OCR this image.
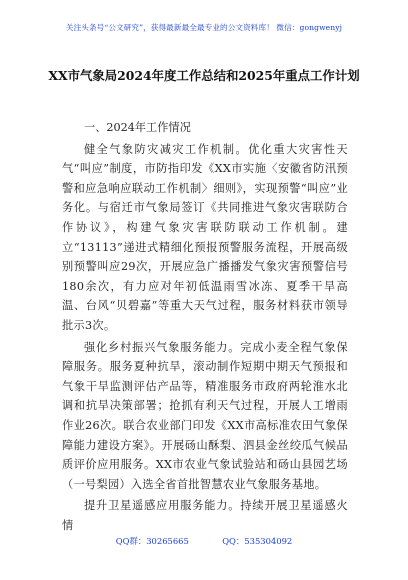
关注头条号“公文研究”，获得最新最全最专业的公文资料库！ 微信：gongwenyj
XX市气象局2024年度工作总结和2025年重点工作计划
一、2024年工作情况

健全气象防灾减灾工作机制。优化重大灾害性天气“叫应”制度，市防指印发《XX市实施〈安徽省防汛预警和应急响应联动工作机制〉细则》，实现预警“叫应”业务化。与宿迁市气象局签订《共同推进气象灾害联防合作协议》，构建气象灾害联防联动工作机制。建立“13113”递进式精细化预报预警服务流程，开展高级别预警叫应29次，开展应急广播播发气象灾害预警信号180余次，有力应对年初低温雨雪冰冻、夏季干旱高温、台风“贝碧嘉”等重大天气过程，服务材料获市领导批示3次。

强化乡村振兴气象服务能力。完成小麦全程气象保障服务。服务夏种抗旱，滚动制作短期中期天气预报和气象干旱监测评估产品等，精准服务市政府两轮淮水北调和抗旱决策部署；抢抓有利天气过程，开展人工增雨作业26次。联合农业部门印发《XX市高标准农田气象保障能力建设方案》。开展砀山酥梨、泗县金丝绞瓜气候品质评价应用服务。XX市农业气象试验站和砀山县园艺场（一号梨园）入选全省首批智慧农业气象服务基地。

提升卫星遥感应用服务能力。持续开展卫星遥感火情

QQ群：30265665	QQ：535304092
